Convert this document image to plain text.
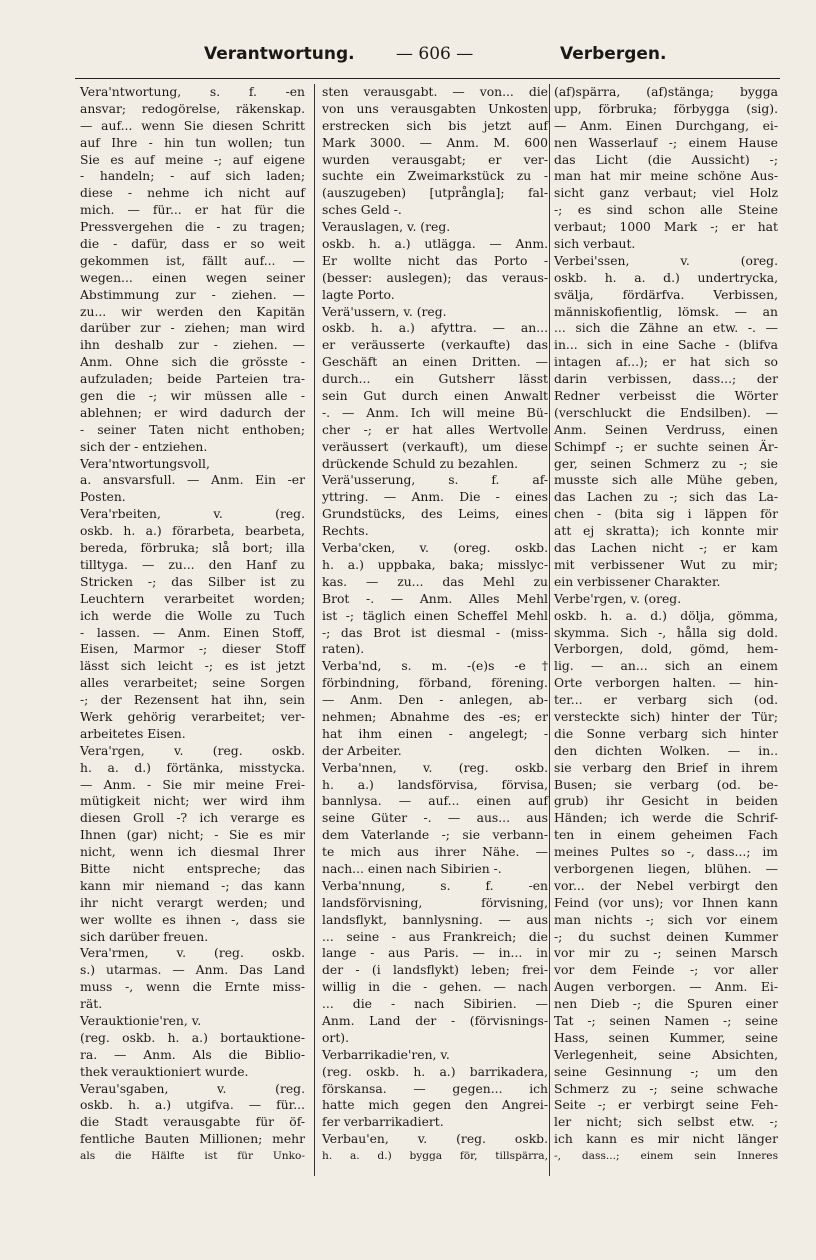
Verantwortung. — 606 —	Verbergen.
Vera'ntwortung, s. f. -en
ansvar; redogörelse, räkenskap.
— auf... wenn Sie diesen Schritt
auf Ihre - hin tun wollen; tun
Sie es auf meine -; auf eigene
- handeln; - auf sich laden;
diese - nehme ich nicht auf
mich. — für... er hat für die
Pressvergehen die - zu tragen;
die - dafür, dass er so weit
gekommen ist, fällt auf... —
wegen... einen wegen seiner
Abstimmung zur - ziehen. —
zu... wir werden den Kapitän
darüber zur - ziehen; man wird
ihn deshalb zur - ziehen. —
Anm. Ohne sich die grösste -
aufzuladen; beide Parteien tra-
gen die -; wir müssen alle -
ablehnen; er wird dadurch der
- seiner Taten nicht enthoben;
sich der - entziehen.
Vera'ntwortungsvoll,
a. ansvarsfull. — Anm. Ein -er
Posten.
Vera'rbeiten, v. (reg.
oskb. h. a.) förarbeta, bearbeta,
bereda, förbruka; slå bort; illa
tilltyga. — zu... den Hanf zu
Stricken -; das Silber ist zu
Leuchtern verarbeitet worden;
ich werde die Wolle zu Tuch
- lassen. — Anm. Einen Stoff,
Eisen, Marmor -; dieser Stoff
lässt sich leicht -; es ist jetzt
alles verarbeitet; seine Sorgen
-; der Rezensent hat ihn, sein
Werk gehörig verarbeitet; ver-
arbeitetes Eisen.
Vera'rgen, v. (reg. oskb.
h. a. d.) förtänka, misstycka.
— Anm. - Sie mir meine Frei-
mütigkeit nicht; wer wird ihm
diesen Groll -? ich verarge es
Ihnen (gar) nicht; - Sie es mir
nicht, wenn ich diesmal Ihrer
Bitte nicht entspreche; das
kann mir niemand -; das kann
ihr nicht verargt werden; und
wer wollte es ihnen -, dass sie
sich darüber freuen.
Vera'rmen, v. (reg. oskb.
s.) utarmas. — Anm. Das Land
muss -, wenn die Ernte miss-
rät.
Verauktionie'ren, v.
(reg. oskb. h. a.) bortauktione-
ra. — Anm. Als die Biblio-
thek verauktioniert wurde.
Verau'sgaben, v. (reg.
oskb. h. a.) utgifva. — für...
die Stadt verausgabte für öf-
fentliche Bauten Millionen; mehr
als die Hälfte ist für Unko-
sten verausgabt. — von... die
von uns verausgabten Unkosten
erstrecken sich bis jetzt auf
Mark 3000. — Anm. M. 600
wurden verausgabt; er ver-
suchte ein Zweimarkstück zu -
(auszugeben) [utprångla]; fal-
sches Geld -.
Verauslagen, v. (reg.
oskb. h. a.) utlägga. — Anm.
Er wollte nicht das Porto -
(besser: auslegen); das veraus-
lagte Porto.
Verä'ussern, v. (reg.
oskb. h. a.) afyttra. — an...
er veräusserte (verkaufte) das
Geschäft an einen Dritten. —
durch... ein Gutsherr lässt
sein Gut durch einen Anwalt
-. — Anm. Ich will meine Bü-
cher -; er hat alles Wertvolle
veräussert (verkauft), um diese
drückende Schuld zu bezahlen.
Verä'usserung, s. f. af-
yttring. — Anm. Die - eines
Grundstücks, des Leims, eines
Rechts.
Verba'cken, v. (oreg. oskb.
h. a.) uppbaka, baka; misslyc-
kas. — zu... das Mehl zu
Brot -. — Anm. Alles Mehl
ist -; täglich einen Scheffel Mehl
-; das Brot ist diesmal - (miss-
raten).
Verba'nd, s. m. -(e)s -e†
förbindning, förband, förening.
— Anm. Den - anlegen, ab-
nehmen; Abnahme des -es; er
hat ihm einen - angelegt; -
der Arbeiter.
Verba'nnen, v. (reg. oskb.
h. a.) landsförvisa, förvisa,
bannlysa. — auf... einen auf
seine Güter -. — aus... aus
dem Vaterlande -; sie verbann-
te mich aus ihrer Nähe. —
nach... einen nach Sibirien -.
Verba'nnung, s. f. -en
landsförvisning, förvisning,
landsflykt, bannlysning. — aus
... seine - aus Frankreich; die
lange - aus Paris. — in... in
der - (i landsflykt) leben; frei-
willig in die - gehen. — nach
... die - nach Sibirien. —
Anm. Land der - (förvisnings-
ort).
Verbarrikadie'ren, v.
(reg. oskb. h. a.) barrikadera,
förskansa. — gegen... ich
hatte mich gegen den Angrei-
fer verbarrikadiert.
Verbau'en, v. (reg. oskb.
h. a. d.) bygga för, tillspärra,
(af)spärra, (af)stänga; bygga
upp, förbruka; förbygga (sig).
— Anm. Einen Durchgang, ei-
nen Wasserlauf -; einem Hause
das Licht (die Aussicht) -;
man hat mir meine schöne Aus-
sicht ganz verbaut; viel Holz
-; es sind schon alle Steine
verbaut; 1000 Mark -; er hat
sich verbaut.
Verbei'ssen, v. (oreg.
oskb. h. a. d.) undertrycka,
svälja, fördärfva. Verbissen,
människofientlig, lömsk. — an
... sich die Zähne an etw. -. —
in... sich in eine Sache - (blifva
intagen af...); er hat sich so
darin verbissen, dass...; der
Redner verbeisst die Wörter
(verschluckt die Endsilben). —
Anm. Seinen Verdruss, einen
Schimpf -; er suchte seinen Är-
ger, seinen Schmerz zu -; sie
musste sich alle Mühe geben,
das Lachen zu -; sich das La-
chen - (bita sig i läppen för
att ej skratta); ich konnte mir
das Lachen nicht -; er kam
mit verbissener Wut zu mir;
ein verbissener Charakter.
Verbe'rgen, v. (oreg.
oskb. h. a. d.) dölja, gömma,
skymma. Sich -, hålla sig dold.
Verborgen, dold, gömd, hem-
lig. — an... sich an einem
Orte verborgen halten. — hin-
ter... er verbarg sich (od.
versteckte sich) hinter der Tür;
die Sonne verbarg sich hinter
den dichten Wolken. — in..
sie verbarg den Brief in ihrem
Busen; sie verbarg (od. be-
grub) ihr Gesicht in beiden
Händen; ich werde die Schrif-
ten in einem geheimen Fach
meines Pultes so -, dass...; im
verborgenen liegen, blühen. —
vor... der Nebel verbirgt den
Feind (vor uns); vor Ihnen kann
man nichts -; sich vor einem
-; du suchst deinen Kummer
vor mir zu -; seinen Marsch
vor dem Feinde -; vor aller
Augen verborgen. — Anm. Ei-
nen Dieb -; die Spuren einer
Tat -; seinen Namen -; seine
Hass, seinen Kummer, seine
Verlegenheit, seine Absichten,
seine Gesinnung -; um den
Schmerz zu -; seine schwache
Seite -; er verbirgt seine Feh-
ler nicht; sich selbst etw. -;
ich kann es mir nicht länger
-, dass...; einem sein Inneres
